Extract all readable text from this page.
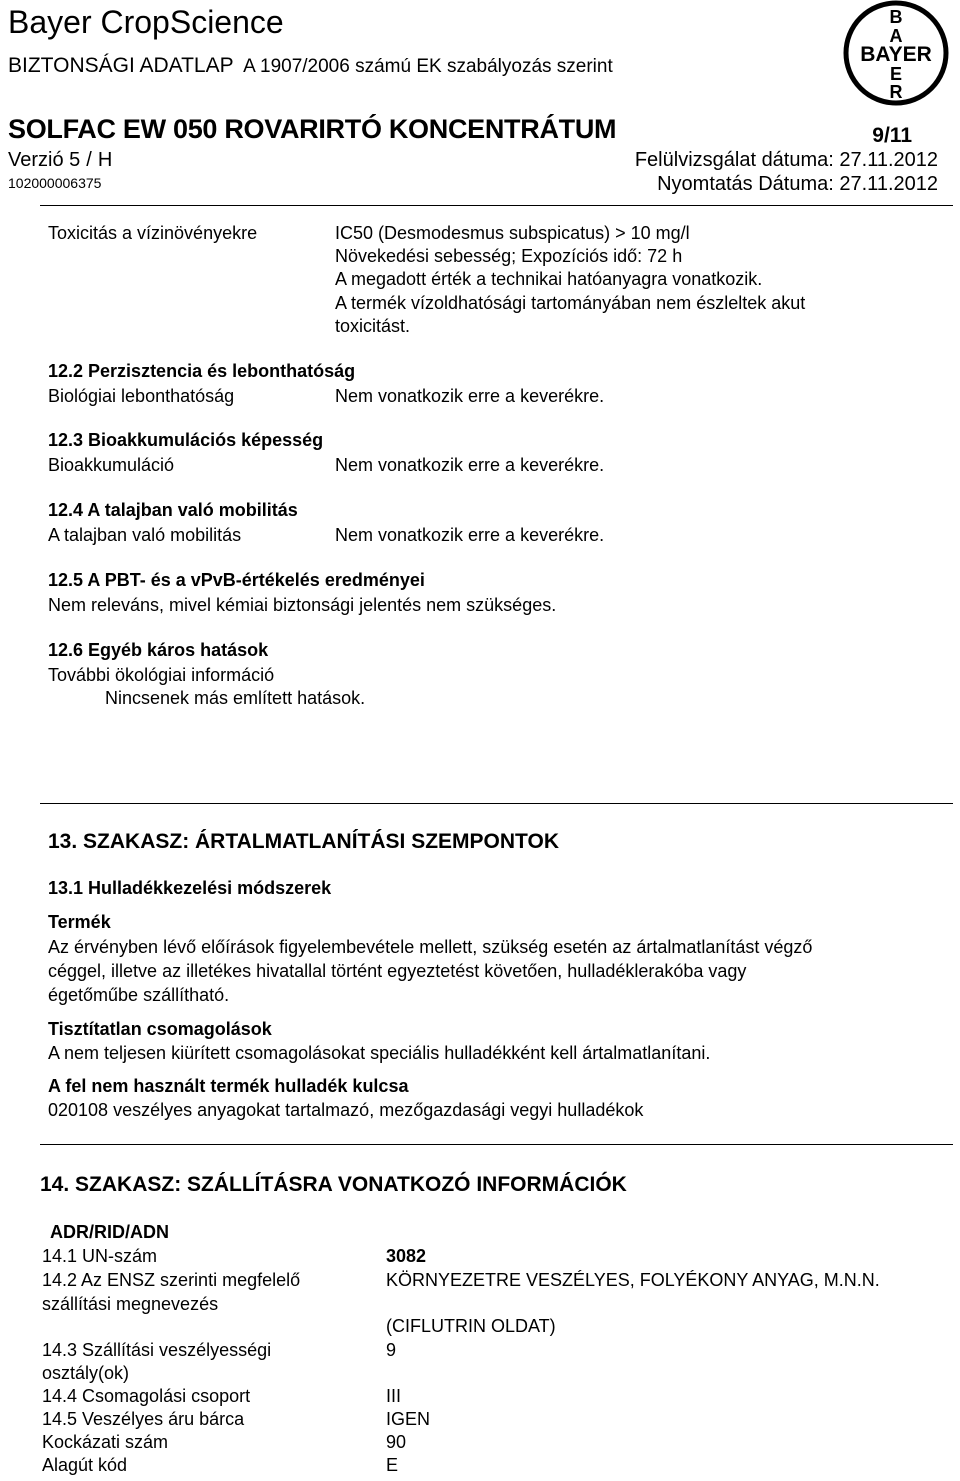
Bayer CropScience
BIZTONSÁGI ADATLAP A 1907/2006 számú EK szabályozás szerint
SOLFAC EW 050 ROVARIRTÓ KONCENTRÁTUM	9/11
Verzió 5 / H	Felülvizsgálat dátuma: 27.11.2012
102000006375	Nyomtatás Dátuma: 27.11.2012
B
A
BAYER
E
R
Toxicitás a vízinövényekre	IC50 (Desmodesmus subspicatus) > 10 mg/l
Növekedési sebesség; Expozíciós idő: 72 h
A megadott érték a technikai hatóanyagra vonatkozik.
A termék vízoldhatósági tartományában nem észleltek akut
toxicitást.
12.2 Perzisztencia és lebonthatóság
Biológiai lebonthatóság	Nem vonatkozik erre a keverékre.
12.3 Bioakkumulációs képesség
Bioakkumuláció	Nem vonatkozik erre a keverékre.
12.4 A talajban való mobilitás
A talajban való mobilitás	Nem vonatkozik erre a keverékre.
12.5 A PBT- és a vPvB-értékelés eredményei
Nem releváns, mivel kémiai biztonsági jelentés nem szükséges.
12.6 Egyéb káros hatások
További ökológiai információ
Nincsenek más említett hatások.
13. SZAKASZ: ÁRTALMATLANÍTÁSI SZEMPONTOK
13.1 Hulladékkezelési módszerek
Termék
Az érvényben lévő előírások figyelembevétele mellett, szükség esetén az ártalmatlanítást végző
céggel, illetve az illetékes hivatallal történt egyeztetést követően, hulladéklerakóba vagy
égetőműbe szállítható.
Tisztítatlan csomagolások
A nem teljesen kiürített csomagolásokat speciális hulladékként kell ártalmatlanítani.
A fel nem használt termék hulladék kulcsa
020108 veszélyes anyagokat tartalmazó, mezőgazdasági vegyi hulladékok
14. SZAKASZ: SZÁLLÍTÁSRA VONATKOZÓ INFORMÁCIÓK
ADR/RID/ADN
14.1 UN-szám	3082
14.2 Az ENSZ szerinti megfelelő	KÖRNYEZETRE VESZÉLYES, FOLYÉKONY ANYAG, M.N.N.
szállítási megnevezés
(CIFLUTRIN OLDAT)
14.3 Szállítási veszélyességi	9
osztály(ok)
14.4 Csomagolási csoport	III
14.5 Veszélyes áru bárca	IGEN
Kockázati szám	90
Alagút kód	E
